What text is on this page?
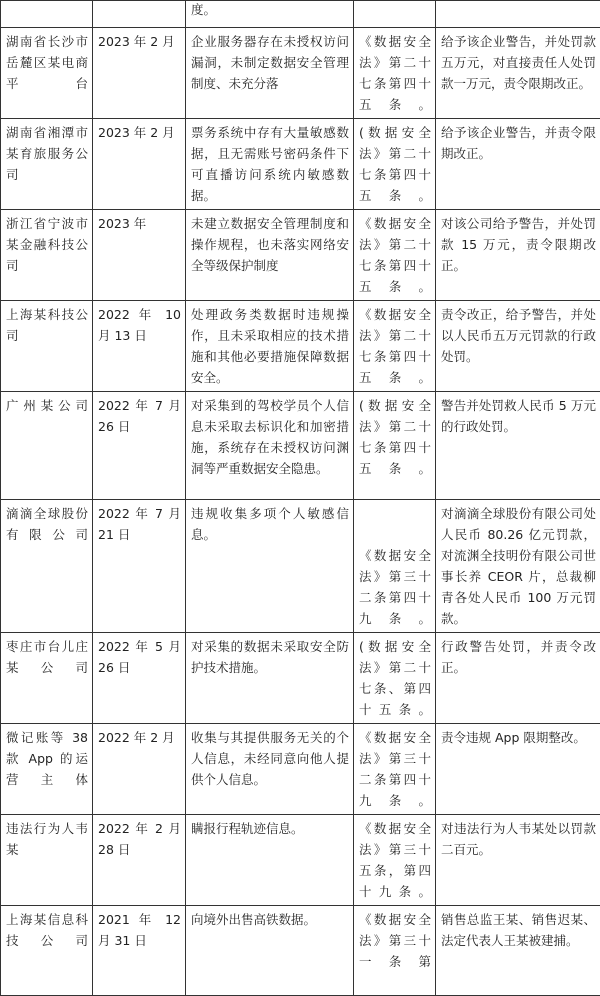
		度。		
湖南省长沙市岳麓区某电商平台	2023 年 2 月	企业服务器存在未授权访问漏洞，未制定数据安全管理制度、未充分落	《数据安全法》第二十七条第四十五条。	给予该企业警告，并处罚款五万元，对直接责任人处罚款一万元，责令限期改正。
湖南省湘潭市某育旅服务公司	2023 年 2 月	票务系统中存有大量敏感数据，且无需账号密码条件下可直播访问系统内敏感数据。	(数据安全法》第二十七条第四十五条。	给予该企业警告，并责令限期改正。
浙江省宁波市某金融科技公司	2023 年	未建立数据安全管理制度和操作规程，也未落实网络安全等级保护制度	《数据安全法》第二十七条第四十五条。	对该公司给予警告，并处罚款 15 万元，责令限期改正。
上海某科技公司	2022 年 10 月 13 日	处理政务类数据时违规操作，且未采取相应的技术措施和其他必要措施保障数据安全。	《数据安全法》第二十七条第四十五条。	责令改正，给予警告，并处以人民币五万元罚款的行政处罚。
广州某公司	2022 年 7 月 26 日	对采集到的驾校学员个人信息未采取去标识化和加密措施，系统存在未授权访问渊洞等严重数据安全隐患。	(数据安全法》第二十七条第四十五条。	警告并处罚救人民币 5 万元的行政处罚。
滴滴全球股份有限公司	2022 年 7 月 21 日	违规收集多项个人敏感信息。	《数据安全法》第三十二条第四十九条。	对滴滴全球股份有限公司处人民币 80.26 亿元罚款，对流渊全技明份有限公司世事长养 CEOR 片，总裁柳青各处人民币 100 万元罚款。
枣庄市台儿庄某公司	2022 年 5 月 26 日	对采集的数据未采取安全防护技术措施。	(数据安全法》第二十七条、第四十五条。	行政警告处罚，并责令改正。
微记账等 38 款 App 的运营主体	2022 年 2 月	收集与其提供服务无关的个人信息，未经同意向他人提供个人信息。	《数据安全法》第三十二条第四十九条。	责令违规 App 限期整改。
违法行为人韦某	2022 年 2 月 28 日	瞒报行程轨迹信息。	《数据安全法》第三十五条，第四十九条。	对违法行为人韦某处以罚款二百元。
上海某信息科技公司	2021 年 12 月 31 日	向境外出售高铁数据。	《数据安全法》第三十一条第	销售总监王某、销售迟某、法定代表人王某被建捕。
